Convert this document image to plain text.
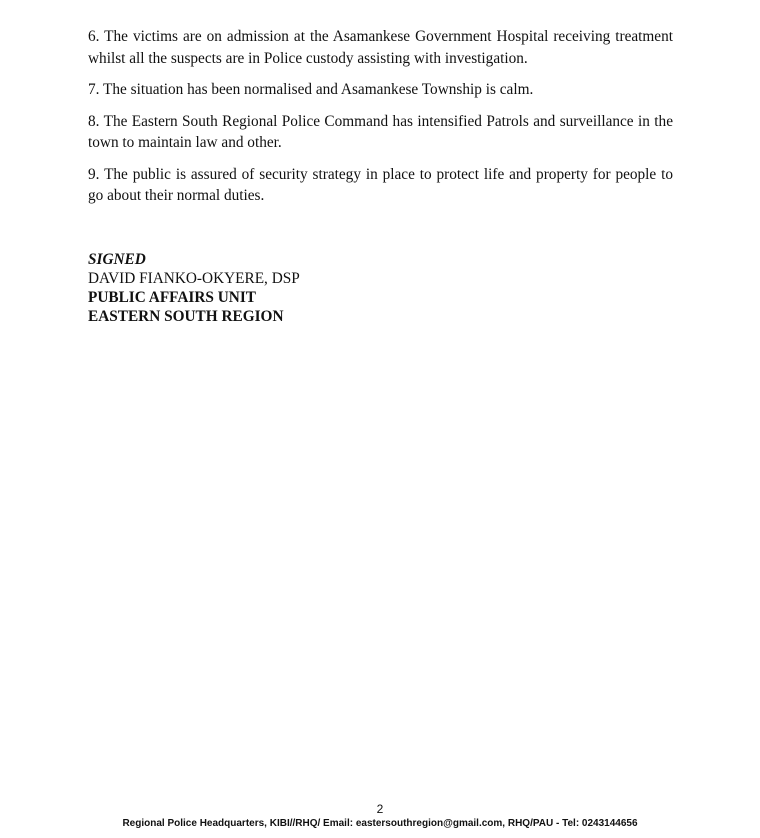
6. The victims are on admission at the Asamankese Government Hospital receiving treatment whilst all the suspects are in Police custody assisting with investigation.

7. The situation has been normalised and Asamankese Township is calm.

8. The Eastern South Regional Police Command has intensified Patrols and surveillance in the town to maintain law and other.

9. The public is assured of security strategy in place to protect life and property for people to go about their normal duties.

SIGNED
DAVID FIANKO-OKYERE, DSP
PUBLIC AFFAIRS UNIT
EASTERN SOUTH REGION
2
Regional Police Headquarters, KIBI//RHQ/ Email: eastersouthregion@gmail.com, RHQ/PAU - Tel: 0243144656
